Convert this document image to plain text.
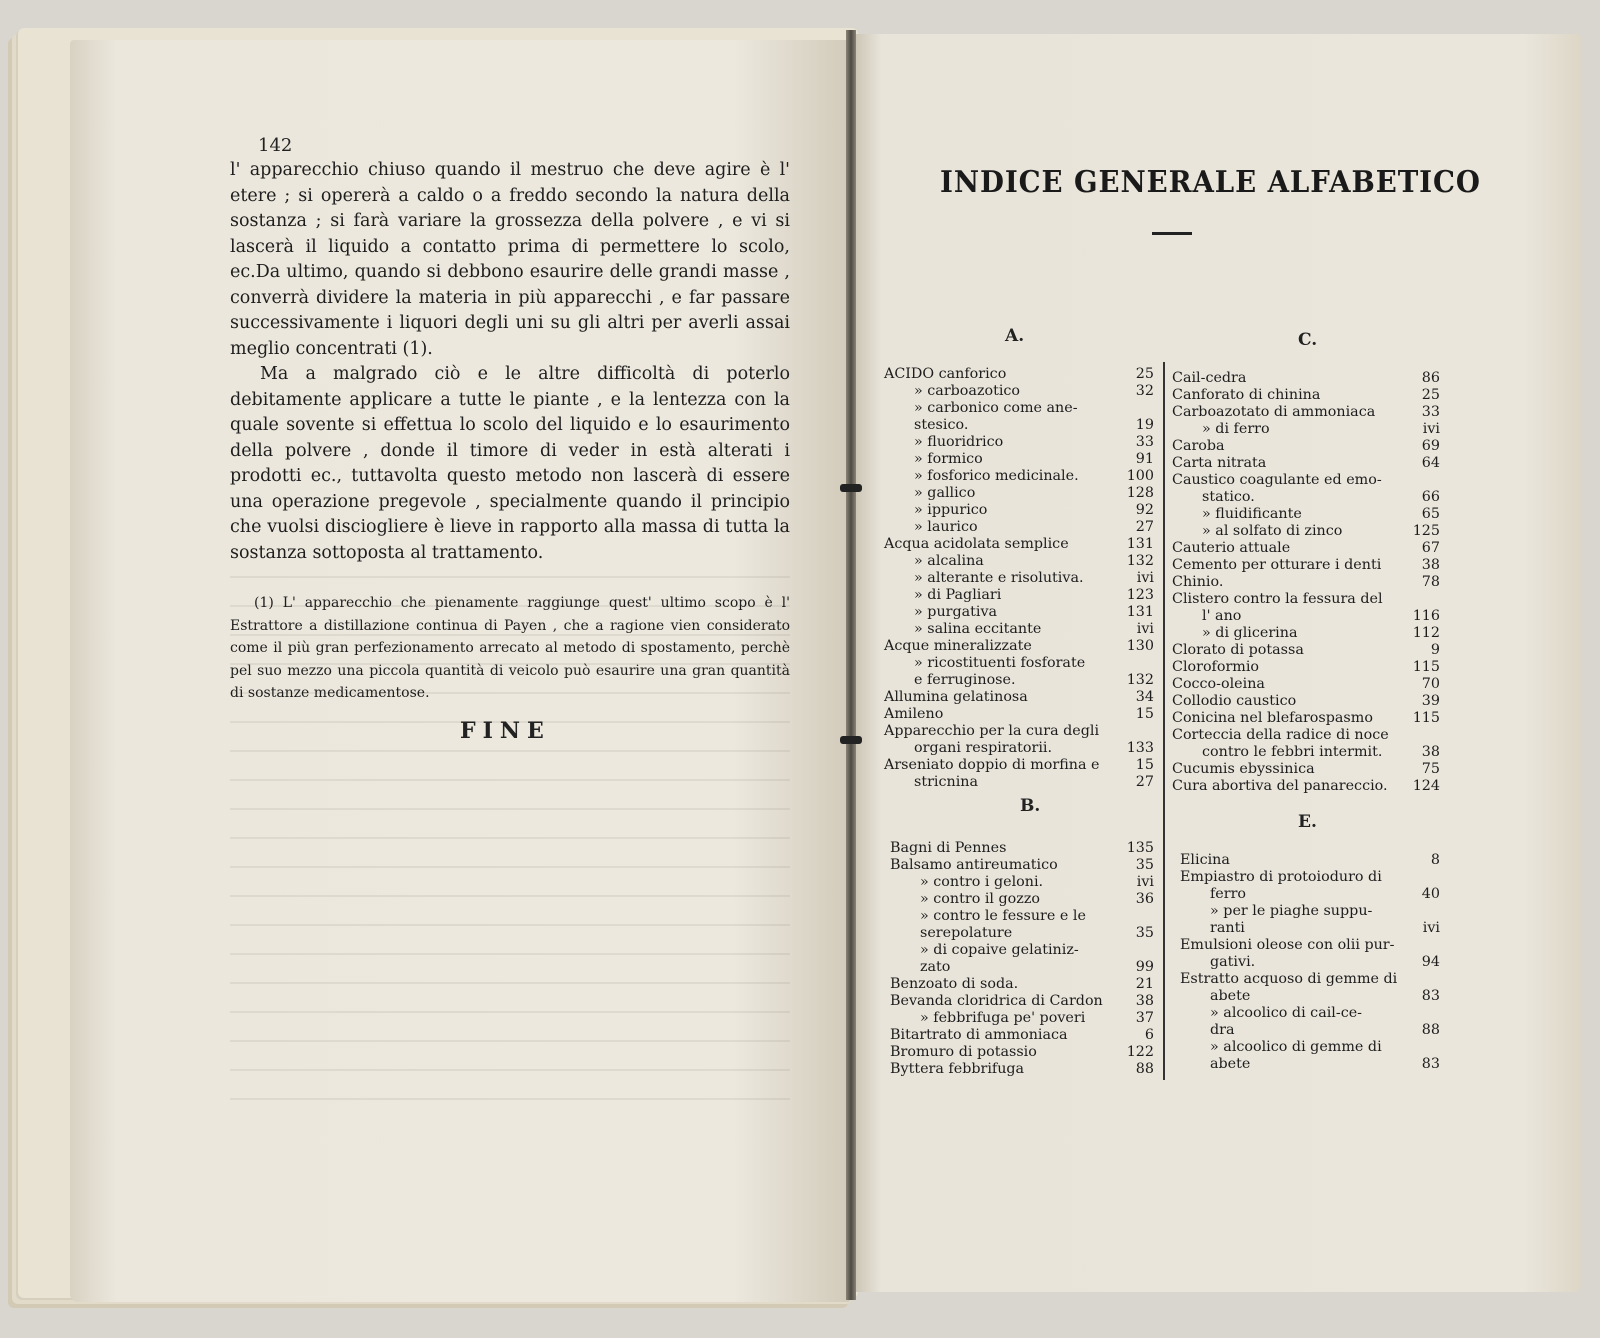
142

l' apparecchio chiuso quando il mestruo che deve agire è l' etere ; si opererà a caldo o a freddo secondo la natura della sostanza ; si farà variare la grossezza della polvere , e vi si lascerà il liquido a contatto prima di permettere lo scolo, ec.Da ultimo, quando si debbono esaurire delle grandi masse , converrà dividere la materia in più apparecchi , e far passare successivamente i liquori degli uni su gli altri per averli assai meglio concentrati (1).

Ma a malgrado ciò e le altre difficoltà di poterlo debitamente applicare a tutte le piante , e la lentezza con la quale sovente si effettua lo scolo del liquido e lo esaurimento della polvere , donde il timore di veder in està alterati i prodotti ec., tuttavolta questo metodo non lascerà di essere una operazione pregevole , specialmente quando il principio che vuolsi disciogliere è lieve in rapporto alla massa di tutta la sostanza sottoposta al trattamento.

(1) L' apparecchio che pienamente raggiunge quest' ultimo scopo è l' Estrattore a distillazione continua di Payen , che a ragione vien considerato come il più gran perfezionamento arrecato al metodo di spostamento, perchè pel suo mezzo una piccola quantità di veicolo può esaurire una gran quantità di sostanze medicamentose.
FINE
INDICE GENERALE ALFABETICO
A.
ACIDO canforico	25
» carboazotico	32
» carbonico come ane-
stesico.	19
» fluoridrico	33
» formico	91
» fosforico medicinale.	100
» gallico	128
» ippurico	92
» laurico	27
Acqua acidolata semplice	131
» alcalina	132
» alterante e risolutiva.	ivi
» di Pagliari	123
» purgativa	131
» salina eccitante	ivi
Acque mineralizzate	130
» ricostituenti fosforate
e ferruginose.	132
Allumina gelatinosa	34
Amileno	15
Apparecchio per la cura degli
organi respiratorii.	133
Arseniato doppio di morfina e	15
stricnina	27
B.
Bagni di Pennes	135
Balsamo antireumatico	35
» contro i geloni.	ivi
» contro il gozzo	36
» contro le fessure e le
serepolature	35
» di copaive gelatiniz-
zato	99
Benzoato di soda.	21
Bevanda cloridrica di Cardon 38
» febbrifuga pe' poveri	37
Bitartrato di ammoniaca	6
Bromuro di potassio	122
Byttera febbrifuga	88
C.
Cail-cedra	86
Canforato di chinina	25
Carboazotato di ammoniaca	33
» di ferro	ivi
Caroba	69
Carta nitrata	64
Caustico coagulante ed emo-
statico.	66
» fluidificante	65
» al solfato di zinco	125
Cauterio attuale	67
Cemento per otturare i denti	38
Chinio.	78
Clistero contro la fessura del
l' ano	116
» di glicerina	112
Clorato di potassa	9
Cloroformio	115
Cocco-oleina	70
Collodio caustico	39
Conicina nel blefarospasmo	115
Corteccia della radice di noce
contro le febbri intermit.	38
Cucumis ebyssinica	75
Cura abortiva del panareccio. 124
E.
Elicina	8
Empiastro di protoioduro di
ferro	40
» per le piaghe suppu-
ranti	ivi
Emulsioni oleose con olii pur-
gativi.	94
Estratto acquoso di gemme di
abete	83
» alcoolico di cail-ce-
dra	88
» alcoolico di gemme di
abete	83
